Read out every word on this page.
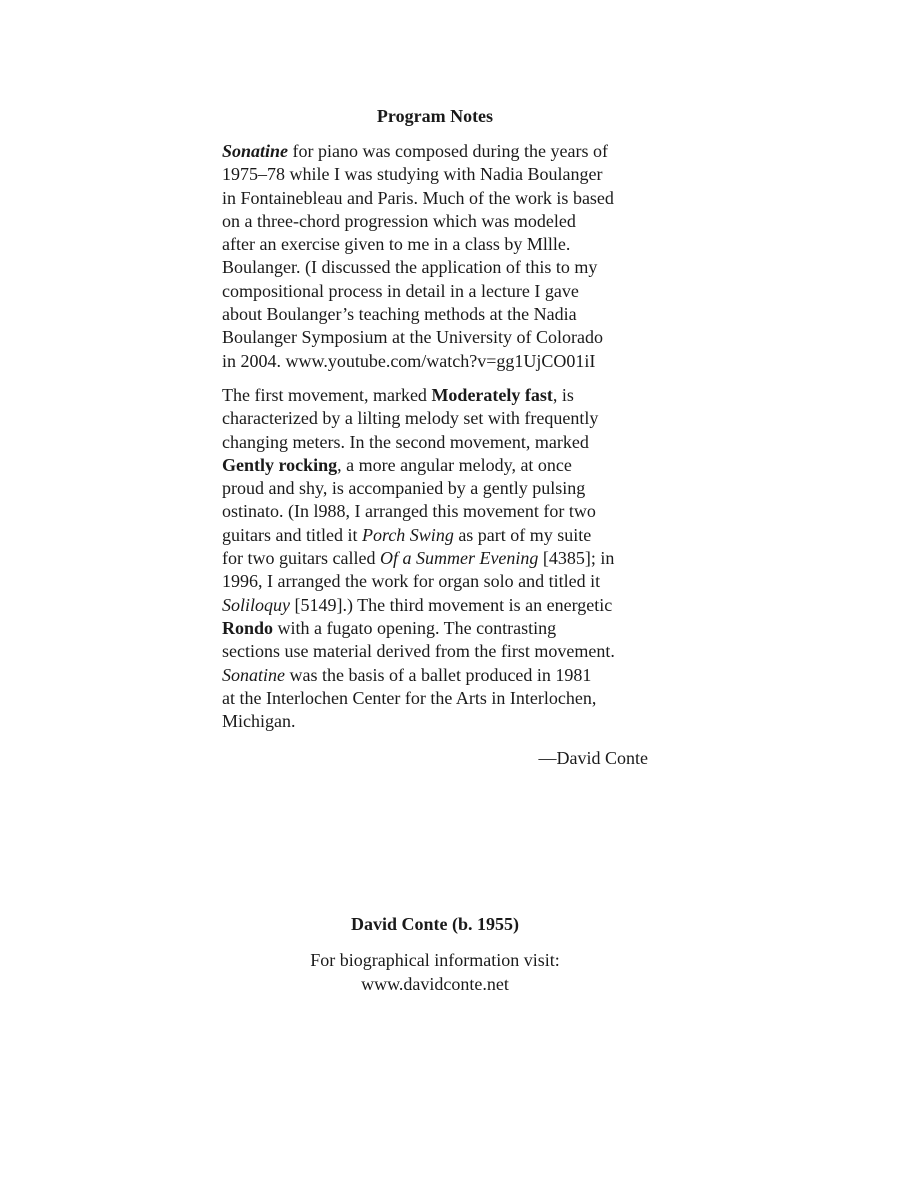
Program Notes

Sonatine for piano was composed during the years of
1975–78 while I was studying with Nadia Boulanger
in Fontainebleau and Paris. Much of the work is based
on a three-chord progression which was modeled
after an exercise given to me in a class by Mllle.
Boulanger. (I discussed the application of this to my
compositional process in detail in a lecture I gave
about Boulanger’s teaching methods at the Nadia
Boulanger Symposium at the University of Colorado
in 2004. www.youtube.com/watch?v=gg1UjCO01iI

The first movement, marked Moderately fast, is
characterized by a lilting melody set with frequently
changing meters. In the second movement, marked
Gently rocking, a more angular melody, at once
proud and shy, is accompanied by a gently pulsing
ostinato. (In l988, I arranged this movement for two
guitars and titled it Porch Swing as part of my suite
for two guitars called Of a Summer Evening [4385]; in
1996, I arranged the work for organ solo and titled it
Soliloquy [5149].) The third movement is an energetic
Rondo with a fugato opening. The contrasting
sections use material derived from the first movement.
Sonatine was the basis of a ballet produced in 1981
at the Interlochen Center for the Arts in Interlochen,
Michigan.

—David Conte
David Conte (b. 1955)
For biographical information visit:
www.davidconte.net
